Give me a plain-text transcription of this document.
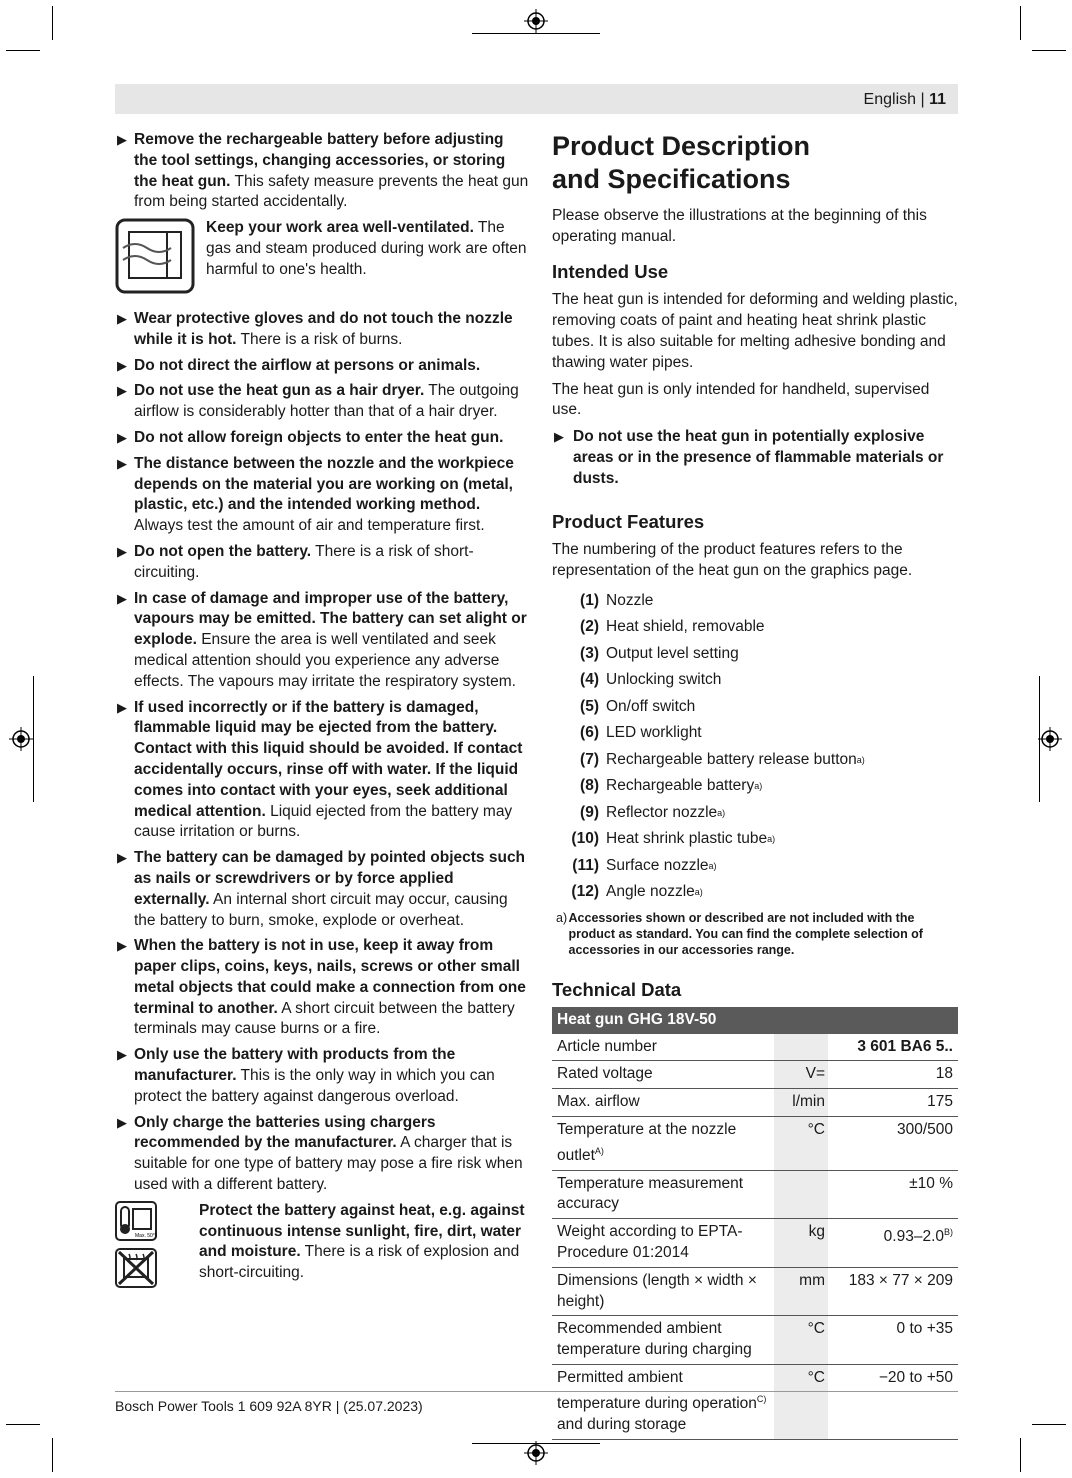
English | 11
▶ Remove the rechargeable battery before adjusting the tool settings, changing accessories, or storing the heat gun. This safety measure prevents the heat gun from being started accidentally.
Keep your work area well-ventilated. The gas and steam produced during work are often harmful to one's health.
▶ Wear protective gloves and do not touch the nozzle while it is hot. There is a risk of burns.
▶ Do not direct the airflow at persons or animals.
▶ Do not use the heat gun as a hair dryer. The outgoing airflow is considerably hotter than that of a hair dryer.
▶ Do not allow foreign objects to enter the heat gun.
▶ The distance between the nozzle and the workpiece depends on the material you are working on (metal, plastic, etc.) and the intended working method. Always test the amount of air and temperature first.
▶ Do not open the battery. There is a risk of short-circuiting.
▶ In case of damage and improper use of the battery, vapours may be emitted. The battery can set alight or explode. Ensure the area is well ventilated and seek medical attention should you experience any adverse effects. The vapours may irritate the respiratory system.
▶ If used incorrectly or if the battery is damaged, flammable liquid may be ejected from the battery. Contact with this liquid should be avoided. If contact accidentally occurs, rinse off with water. If the liquid comes into contact with your eyes, seek additional medical attention. Liquid ejected from the battery may cause irritation or burns.
▶ The battery can be damaged by pointed objects such as nails or screwdrivers or by force applied externally. An internal short circuit may occur, causing the battery to burn, smoke, explode or overheat.
▶ When the battery is not in use, keep it away from paper clips, coins, keys, nails, screws or other small metal objects that could make a connection from one terminal to another. A short circuit between the battery terminals may cause burns or a fire.
▶ Only use the battery with products from the manufacturer. This is the only way in which you can protect the battery against dangerous overload.
▶ Only charge the batteries using chargers recommended by the manufacturer. A charger that is suitable for one type of battery may pose a fire risk when used with a different battery.
Max. 50°C

Protect the battery against heat, e.g. against continuous intense sunlight, fire, dirt, water and moisture. There is a risk of explosion and short-circuiting.
Product Description and Specifications

Please observe the illustrations at the beginning of this operating manual.

Intended Use

The heat gun is intended for deforming and welding plastic, removing coats of paint and heating heat shrink plastic tubes. It is also suitable for melting adhesive bonding and thawing water pipes.

The heat gun is only intended for handheld, supervised use.

▶ Do not use the heat gun in potentially explosive areas or in the presence of flammable materials or dusts.
Product Features

The numbering of the product features refers to the representation of the heat gun on the graphics page.

(1) Nozzle
(2) Heat shield, removable
(3) Output level setting
(4) Unlocking switch
(5) On/off switch
(6) LED worklight
(7) Rechargeable battery release button a)
(8) Rechargeable battery a)
(9) Reflector nozzle a)
(10) Heat shrink plastic tube a)
(11) Surface nozzle a)
(12) Angle nozzle a)
a) Accessories shown or described are not included with the product as standard. You can find the complete selection of accessories in our accessories range.
Technical Data
Heat gun GHG 18V-50		
Article number		3 601 BA6 5..
Rated voltage	V=	18
Max. airflow	l/min	175
Temperature at the nozzle outlet$^{A)}$	°C	300/500
Temperature measurement accuracy		±10 %
Weight according to EPTA-Procedure 01:2014	kg	$0.93-2.0^{B)}$
Dimensions (length × width × height)	mm	183 × 77 × 209
Recommended ambient temperature during charging	°C	0 to +35
Permitted ambient temperature during operation$^{C)}$ and during storage	°C	−20 to +50
Bosch Power Tools 1 609 92A 8YR | (25.07.2023)
